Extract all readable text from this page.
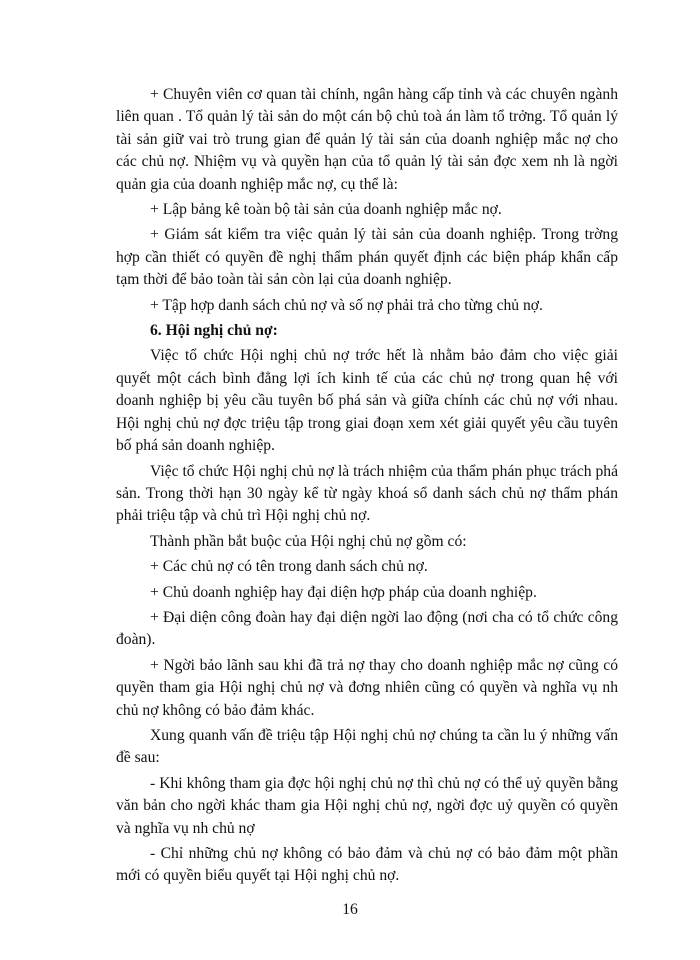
+ Chuyên viên cơ quan tài chính, ngân hàng cấp tỉnh và các chuyên ngành liên quan . Tổ quản lý tài sản do một cán bộ chủ toà án làm tổ trởng. Tổ quản lý tài sản giữ vai trò trung gian để quản lý tài sản của doanh nghiệp mắc nợ cho các chủ nợ. Nhiệm vụ và quyền hạn của tổ quản lý tài sản đợc xem nh là ngời quản gia của doanh nghiệp mắc nợ, cụ thể là:

+ Lập bảng kê toàn bộ tài sản của doanh nghiệp mắc nợ.

+ Giám sát kiểm tra việc quản lý tài sản của doanh nghiệp. Trong trờng hợp cần thiết có quyền đề nghị thẩm phán quyết định các biện pháp khẩn cấp tạm thời để bảo toàn tài sản còn lại của doanh nghiệp.

+ Tập hợp danh sách chủ nợ và số nợ phải trả cho từng chủ nợ.

6. Hội nghị chủ nợ:

Việc tổ chức Hội nghị chủ nợ trớc hết là nhằm bảo đảm cho việc giải quyết một cách bình đẳng lợi ích kinh tế của các chủ nợ trong quan hệ với doanh nghiệp bị yêu cầu tuyên bố phá sản và giữa chính các chủ nợ với nhau. Hội nghị chủ nợ đợc triệu tập trong giai đoạn xem xét giải quyết yêu cầu tuyên bố phá sản doanh nghiệp.

Việc tổ chức Hội nghị chủ nợ là trách nhiệm của thẩm phán phục trách phá sản. Trong thời hạn 30 ngày kể từ ngày khoá sổ danh sách chủ nợ thẩm phán phải triệu tập và chủ trì Hội nghị chủ nợ.

Thành phần bắt buộc của Hội nghị chủ nợ gồm có:

+ Các chủ nợ có tên trong danh sách chủ nợ.

+ Chủ doanh nghiệp hay đại diện hợp pháp của doanh nghiệp.

+ Đại diện công đoàn hay đại diện ngời lao động (nơi cha có tổ chức công đoàn).

+ Ngời bảo lãnh sau khi đã trả nợ thay cho doanh nghiệp mắc nợ cũng có quyền tham gia Hội nghị chủ nợ và đơng nhiên cũng có quyền và nghĩa vụ nh chủ nợ không có bảo đảm khác.

Xung quanh vấn đề triệu tập Hội nghị chủ nợ chúng ta cần lu ý những vấn đề sau:

- Khi không tham gia đợc hội nghị chủ nợ thì chủ nợ có thể uỷ quyền bằng văn bản cho ngời khác tham gia Hội nghị chủ nợ, ngời đợc uỷ quyền có quyền và nghĩa vụ nh chủ nợ

- Chỉ những chủ nợ không có bảo đảm và chủ nợ có bảo đảm một phần mới có quyền biểu quyết tại Hội nghị chủ nợ.

16
